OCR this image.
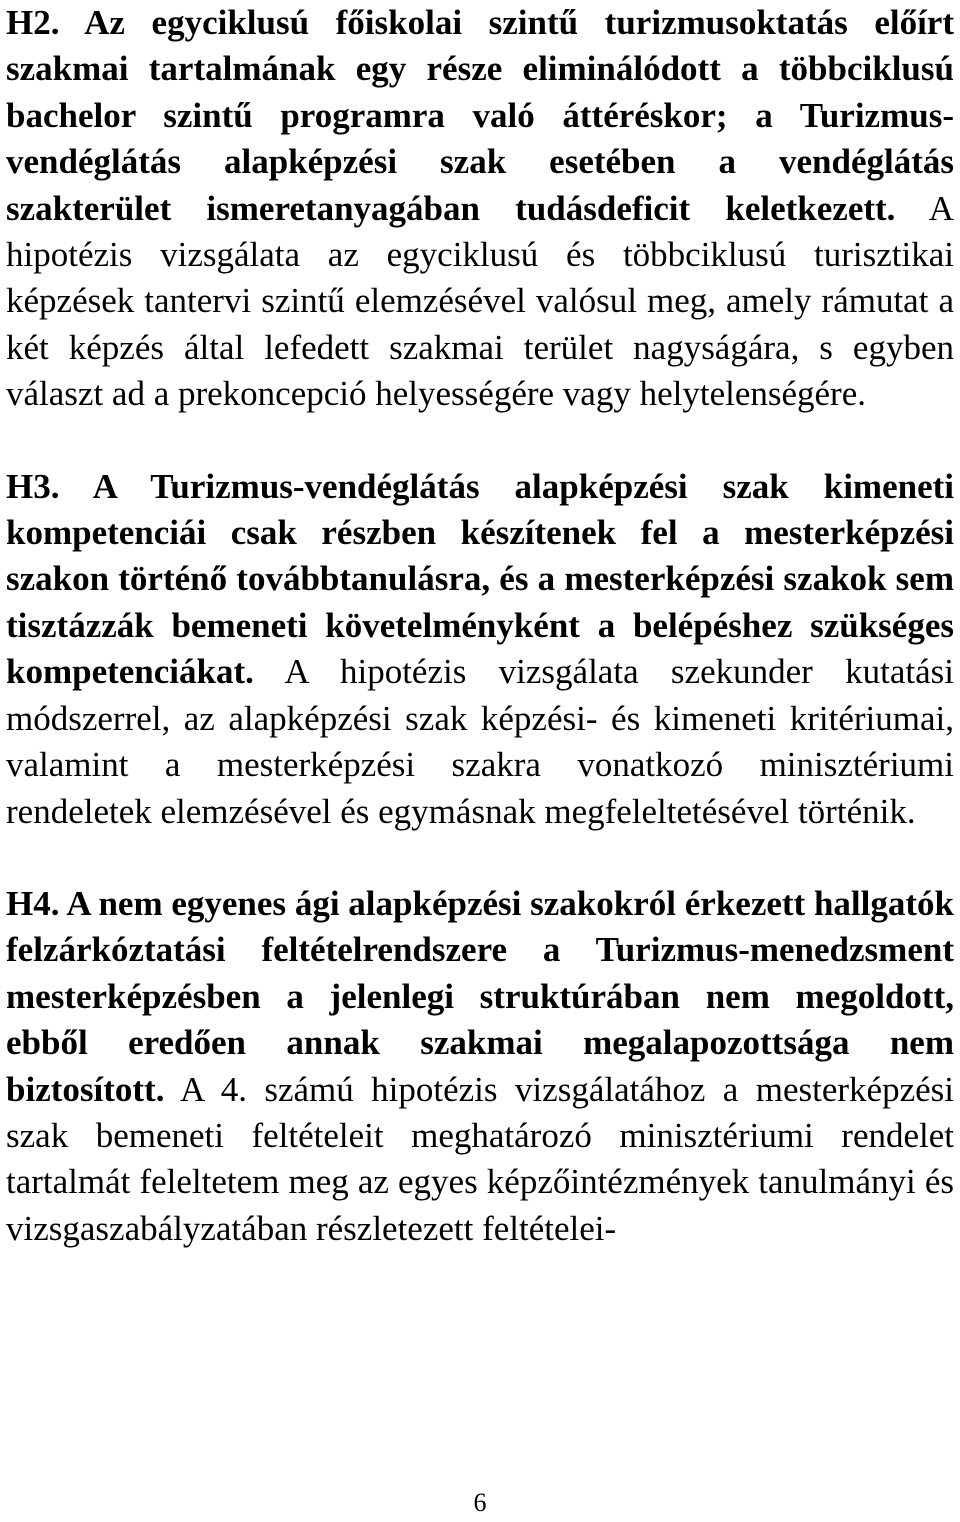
H2. Az egyciklusú főiskolai szintű turizmusoktatás előírt szakmai tartalmának egy része eliminálódott a többciklusú bachelor szintű programra való áttéréskor; a Turizmus-vendéglátás alapképzési szak esetében a vendéglátás szakterület ismeretanyagában tudásdeficit keletkezett. A hipotézis vizsgálata az egyciklusú és többciklusú turisztikai képzések tantervi szintű elemzésével valósul meg, amely rámutat a két képzés által lefedett szakmai terület nagyságára, s egyben választ ad a prekoncepció helyességére vagy helytelenségére.

H3. A Turizmus-vendéglátás alapképzési szak kimeneti kompetenciái csak részben készítenek fel a mesterképzési szakon történő továbbtanulásra, és a mesterképzési szakok sem tisztázzák bemeneti követelményként a belépéshez szükséges kompetenciákat. A hipotézis vizsgálata szekunder kutatási módszerrel, az alapképzési szak képzési- és kimeneti kritériumai, valamint a mesterképzési szakra vonatkozó minisztériumi rendeletek elemzésével és egymásnak megfeleltetésével történik.

H4. A nem egyenes ági alapképzési szakokról érkezett hallgatók felzárkóztatási feltételrendszere a Turizmus-menedzsment mesterképzésben a jelenlegi struktúrában nem megoldott, ebből eredően annak szakmai megalapozottsága nem biztosított. A 4. számú hipotézis vizsgálatához a mesterképzési szak bemeneti feltételeit meghatározó minisztériumi rendelet tartalmát feleltetem meg az egyes képzőintézmények tanulmányi és vizsgaszabályzatában részletezett feltételei-

6
